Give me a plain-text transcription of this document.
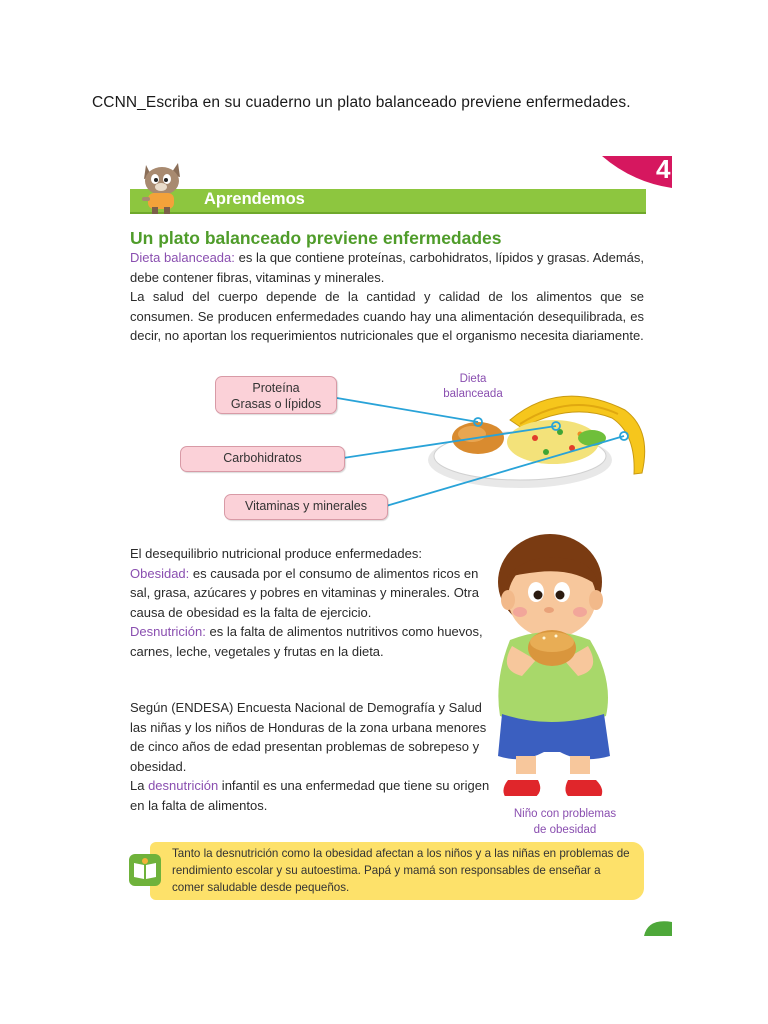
CCNN_Escriba en su cuaderno un plato balanceado previene enfermedades.
4
Aprendemos
Un plato balanceado previene enfermedades
Dieta balanceada: es la que contiene proteínas, carbohidratos, lípidos y grasas. Además, debe contener fibras, vitaminas y minerales.
La salud del cuerpo depende de la cantidad y calidad de los alimentos que se consumen. Se producen enfermedades cuando hay una alimentación desequilibrada, es decir, no aportan los requerimientos nutricionales que el organismo necesita diariamente.
Proteína
Grasas o lípidos
Carbohidratos
Vitaminas y minerales
Dieta
balanceada
El desequilibrio nutricional produce enfermedades:
Obesidad: es causada por el consumo de alimentos ricos en sal, grasa, azúcares y pobres en vitaminas y minerales. Otra causa de obesidad es la falta de ejercicio.
Desnutrición: es la falta de alimentos nutritivos como huevos, carnes, leche, vegetales y frutas en la dieta.
Según (ENDESA) Encuesta Nacional de Demografía y Salud las niñas y los niños de Honduras de la zona urbana menores de cinco años de edad presentan problemas de sobrepeso y obesidad.
La desnutrición infantil es una enfermedad que tiene su origen en la falta de alimentos.
Niño con problemas
de obesidad
Tanto la desnutrición como la obesidad afectan a los niños y a las niñas en problemas de rendimiento escolar y su autoestima. Papá y mamá son responsables de enseñar a comer saludable desde pequeños.
